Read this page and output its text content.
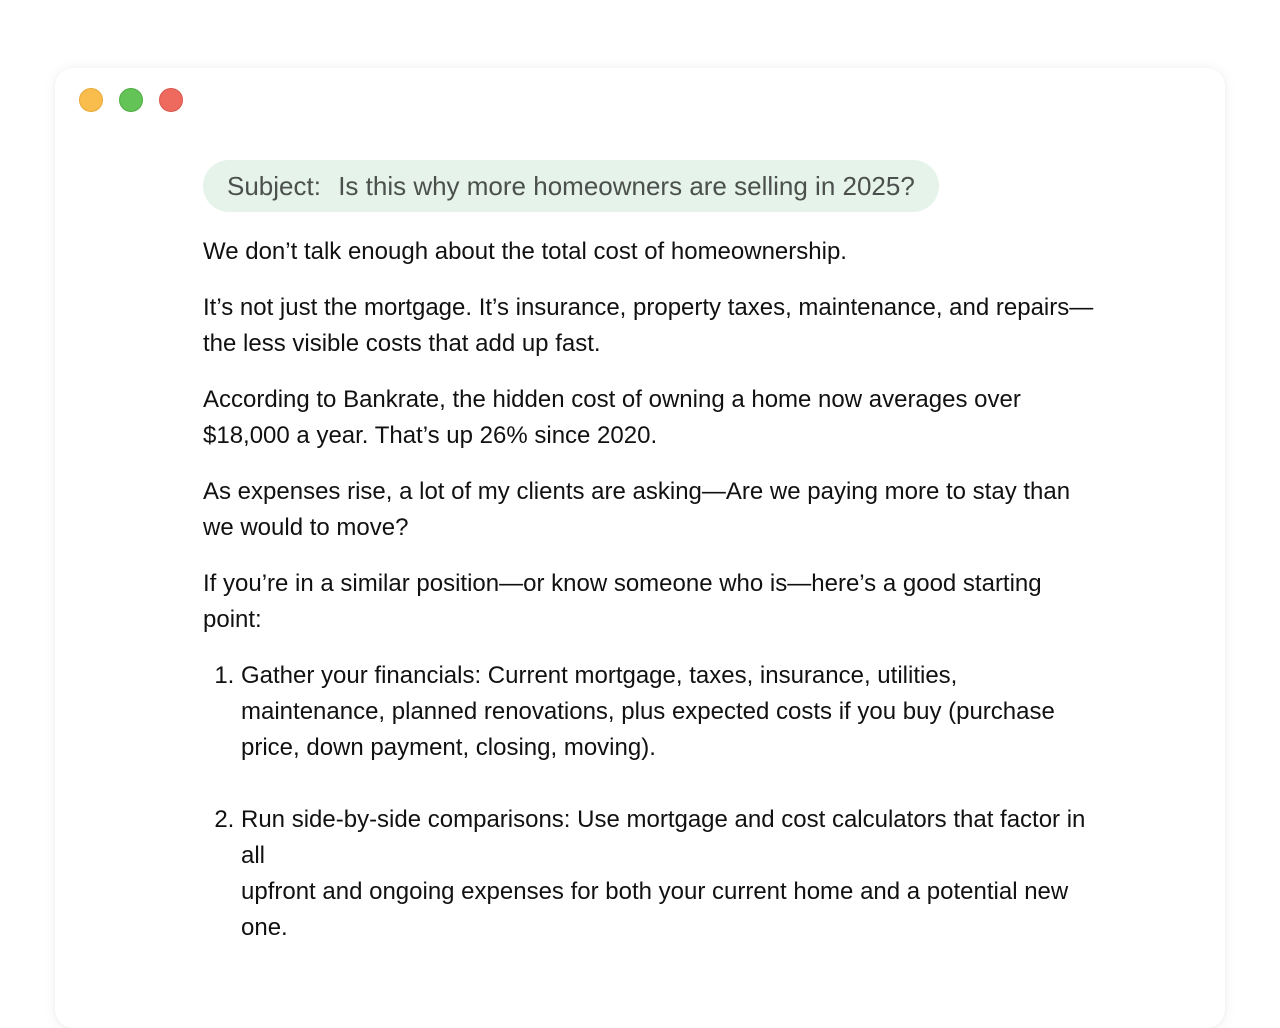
Subject: Is this why more homeowners are selling in 2025?

We don’t talk enough about the total cost of homeownership.

It’s not just the mortgage. It’s insurance, property taxes, maintenance, and repairs—the less visible costs that add up fast.

According to Bankrate, the hidden cost of owning a home now averages over $18,000 a year. That’s up 26% since 2020.

As expenses rise, a lot of my clients are asking—Are we paying more to stay than we would to move?

If you’re in a similar position—or know someone who is—here’s a good starting point:

1. Gather your financials: Current mortgage, taxes, insurance, utilities, maintenance, planned renovations, plus expected costs if you buy (purchase price, down payment, closing, moving).
2. Run side-by-side comparisons: Use mortgage and cost calculators that factor in all
upfront and ongoing expenses for both your current home and a potential new one.
